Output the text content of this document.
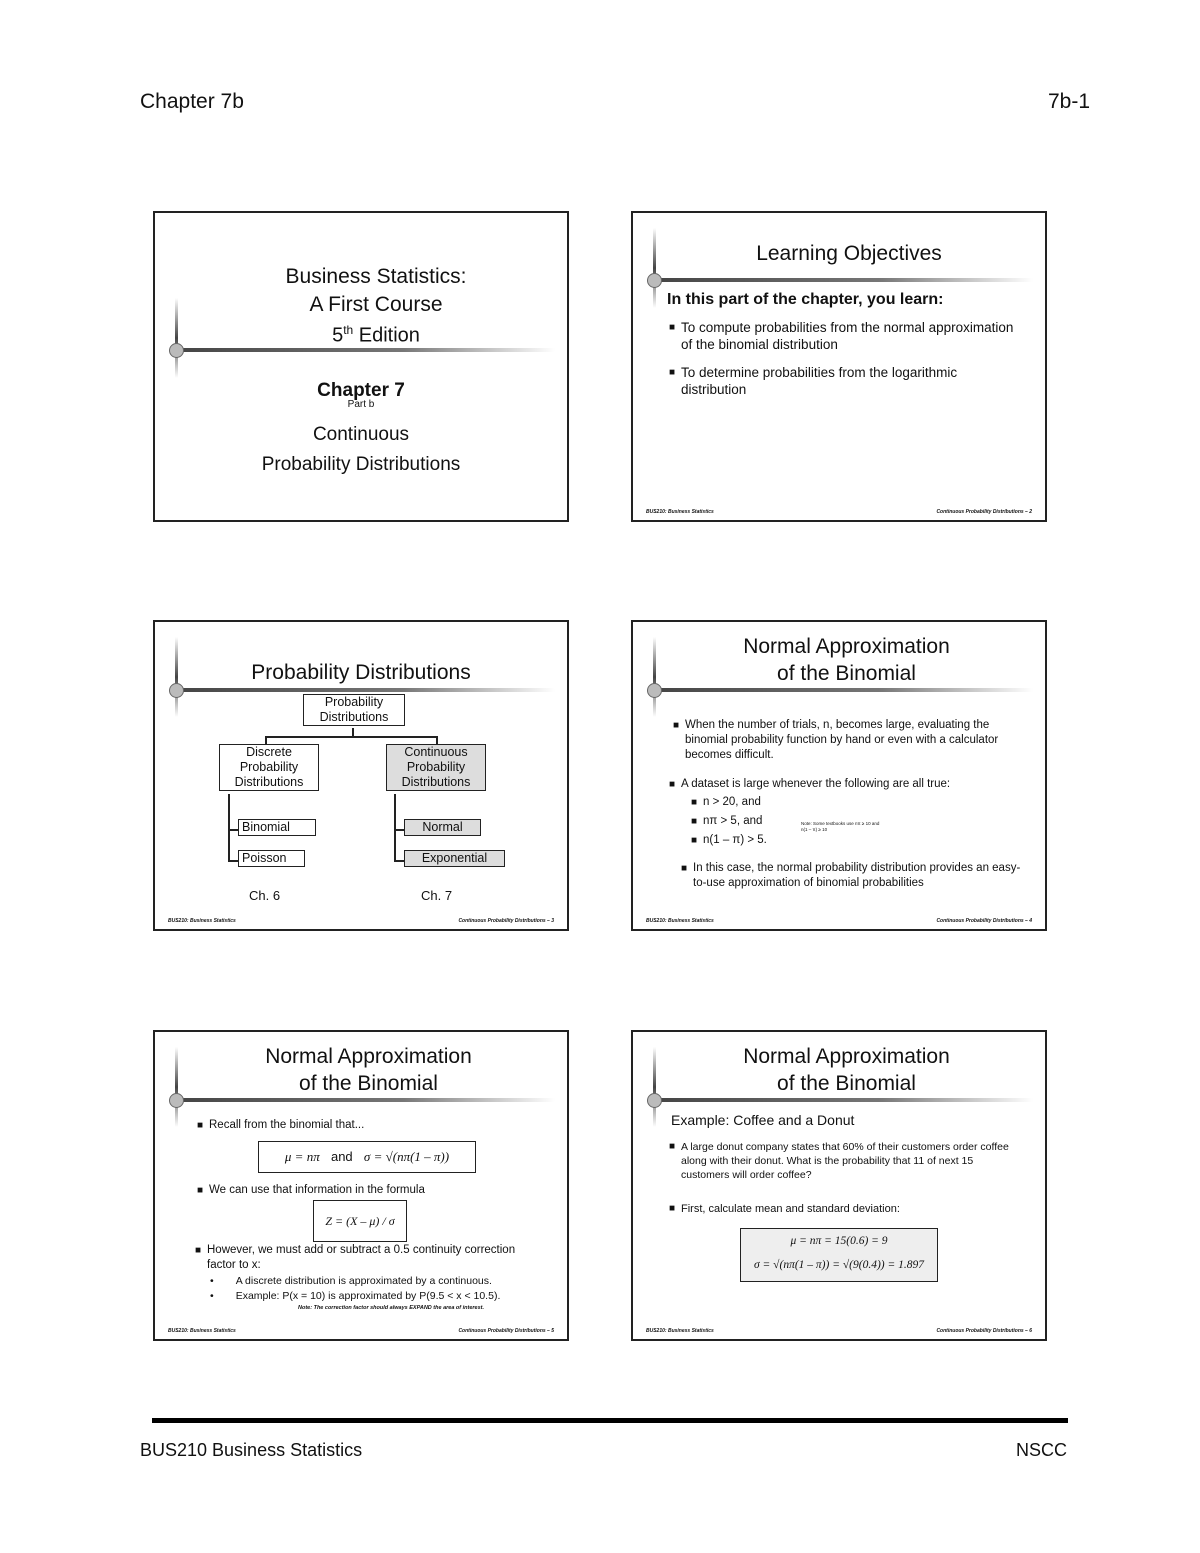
Chapter 7b	7b-1
Business Statistics:
A First Course
5th Edition
Chapter 7
Part b
Continuous
Probability Distributions
Learning Objectives
In this part of the chapter, you learn:
■ To compute probabilities from the normal approximation of the binomial distribution
■ To determine probabilities from the logarithmic distribution
BUS210: Business Statistics	Continuous Probability Distributions – 2
Probability Distributions
Probability Distributions
Discrete Probability Distributions
Continuous Probability Distributions
Binomial
Poisson
Normal
Exponential
Ch. 6	Ch. 7
BUS210: Business Statistics	Continuous Probability Distributions – 3
Normal Approximation
of the Binomial
■ When the number of trials, n, becomes large, evaluating the binomial probability function by hand or even with a calculator becomes difficult.
■ A dataset is large whenever the following are all true:
■ n > 20, and
■ nπ > 5, and
■ n(1 – π) > 5.
Note: Some textbooks use nπ ≥ 10 and n(1 – π) ≥ 10
■ In this case, the normal probability distribution provides an easy-to-use approximation of binomial probabilities
BUS210: Business Statistics	Continuous Probability Distributions – 4
Normal Approximation
of the Binomial
■ Recall from the binomial that...
μ = nπ and σ = √(nπ(1 – π))
■ We can use that information in the formula
Z = (X – μ) / σ
■ However, we must add or subtract a 0.5 continuity correction factor to x:
• A discrete distribution is approximated by a continuous.
• Example: P(x = 10) is approximated by P(9.5 < x < 10.5).
Note: The correction factor should always EXPAND the area of interest.
BUS210: Business Statistics	Continuous Probability Distributions – 5
Normal Approximation
of the Binomial
Example: Coffee and a Donut
■ A large donut company states that 60% of their customers order coffee along with their donut. What is the probability that 11 of next 15 customers will order coffee?
■ First, calculate mean and standard deviation:
μ = nπ = 15(0.6) = 9
σ = √(nπ(1 – π)) = √(9(0.4)) = 1.897
BUS210: Business Statistics	Continuous Probability Distributions – 6
BUS210 Business Statistics	NSCC
